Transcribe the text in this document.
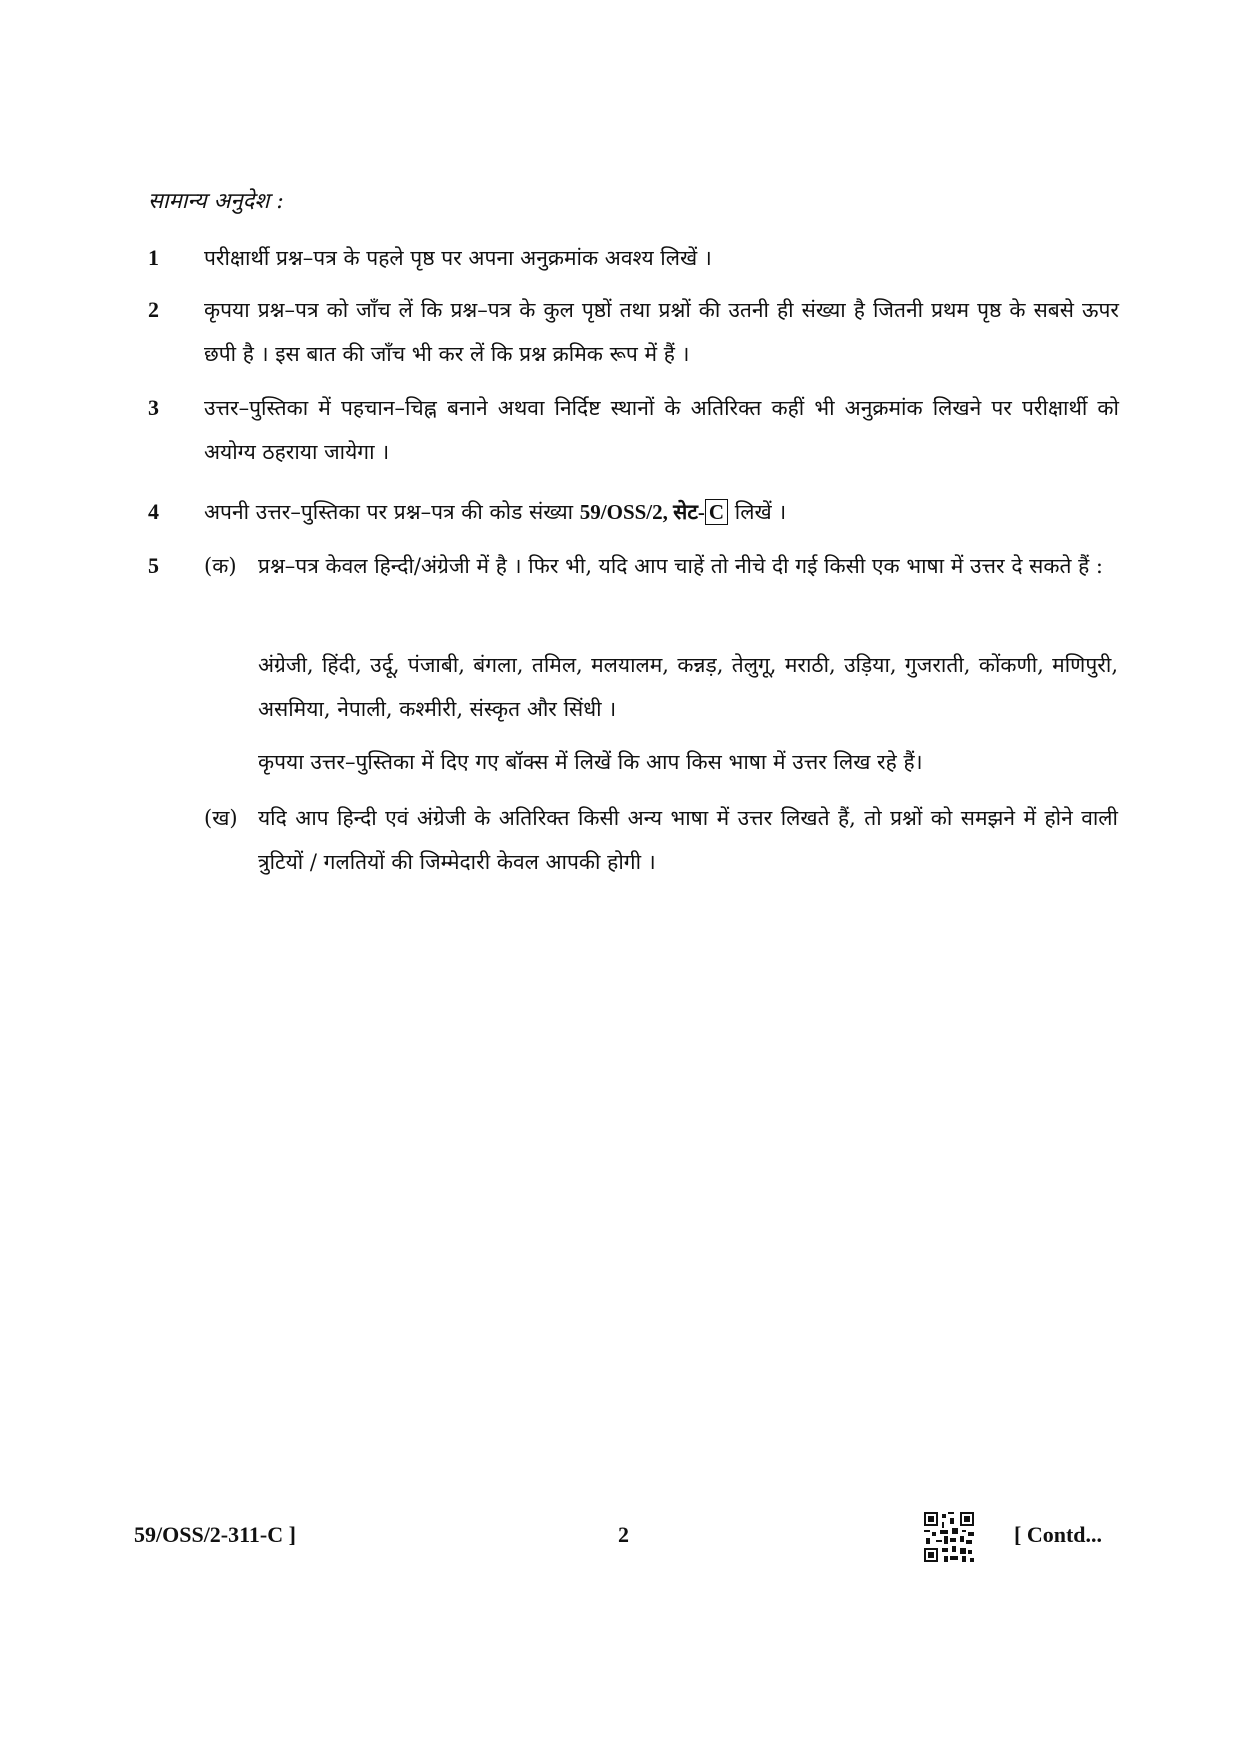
सामान्य अनुदेश :
1 परीक्षार्थी प्रश्न–पत्र के पहले पृष्ठ पर अपना अनुक्रमांक अवश्य लिखें ।
2 कृपया प्रश्न–पत्र को जाँच लें कि प्रश्न–पत्र के कुल पृष्ठों तथा प्रश्नों की उतनी ही संख्या है जितनी प्रथम पृष्ठ के सबसे ऊपर छपी है । इस बात की जाँच भी कर लें कि प्रश्न क्रमिक रूप में हैं ।
3 उत्तर–पुस्तिका में पहचान–चिह्न बनाने अथवा निर्दिष्ट स्थानों के अतिरिक्त कहीं भी अनुक्रमांक लिखने पर परीक्षार्थी को अयोग्य ठहराया जायेगा ।
4 अपनी उत्तर–पुस्तिका पर प्रश्न–पत्र की कोड संख्या 59/OSS/2, सेट- C लिखें ।
5 (क) प्रश्न–पत्र केवल हिन्दी/अंग्रेजी में है । फिर भी, यदि आप चाहें तो नीचे दी गई किसी एक भाषा में उत्तर दे सकते हैं :
अंग्रेजी, हिंदी, उर्दू, पंजाबी, बंगला, तमिल, मलयालम, कन्नड़, तेलुगू, मराठी, उड़िया, गुजराती, कोंकणी, मणिपुरी, असमिया, नेपाली, कश्मीरी, संस्कृत और सिंधी ।
कृपया उत्तर–पुस्तिका में दिए गए बॉक्स में लिखें कि आप किस भाषा में उत्तर लिख रहे हैं।
(ख) यदि आप हिन्दी एवं अंग्रेजी के अतिरिक्त किसी अन्य भाषा में उत्तर लिखते हैं, तो प्रश्नों को समझने में होने वाली त्रुटियों / गलतियों की जिम्मेदारी केवल आपकी होगी ।
59/OSS/2-311-C ]	2	[ Contd...
